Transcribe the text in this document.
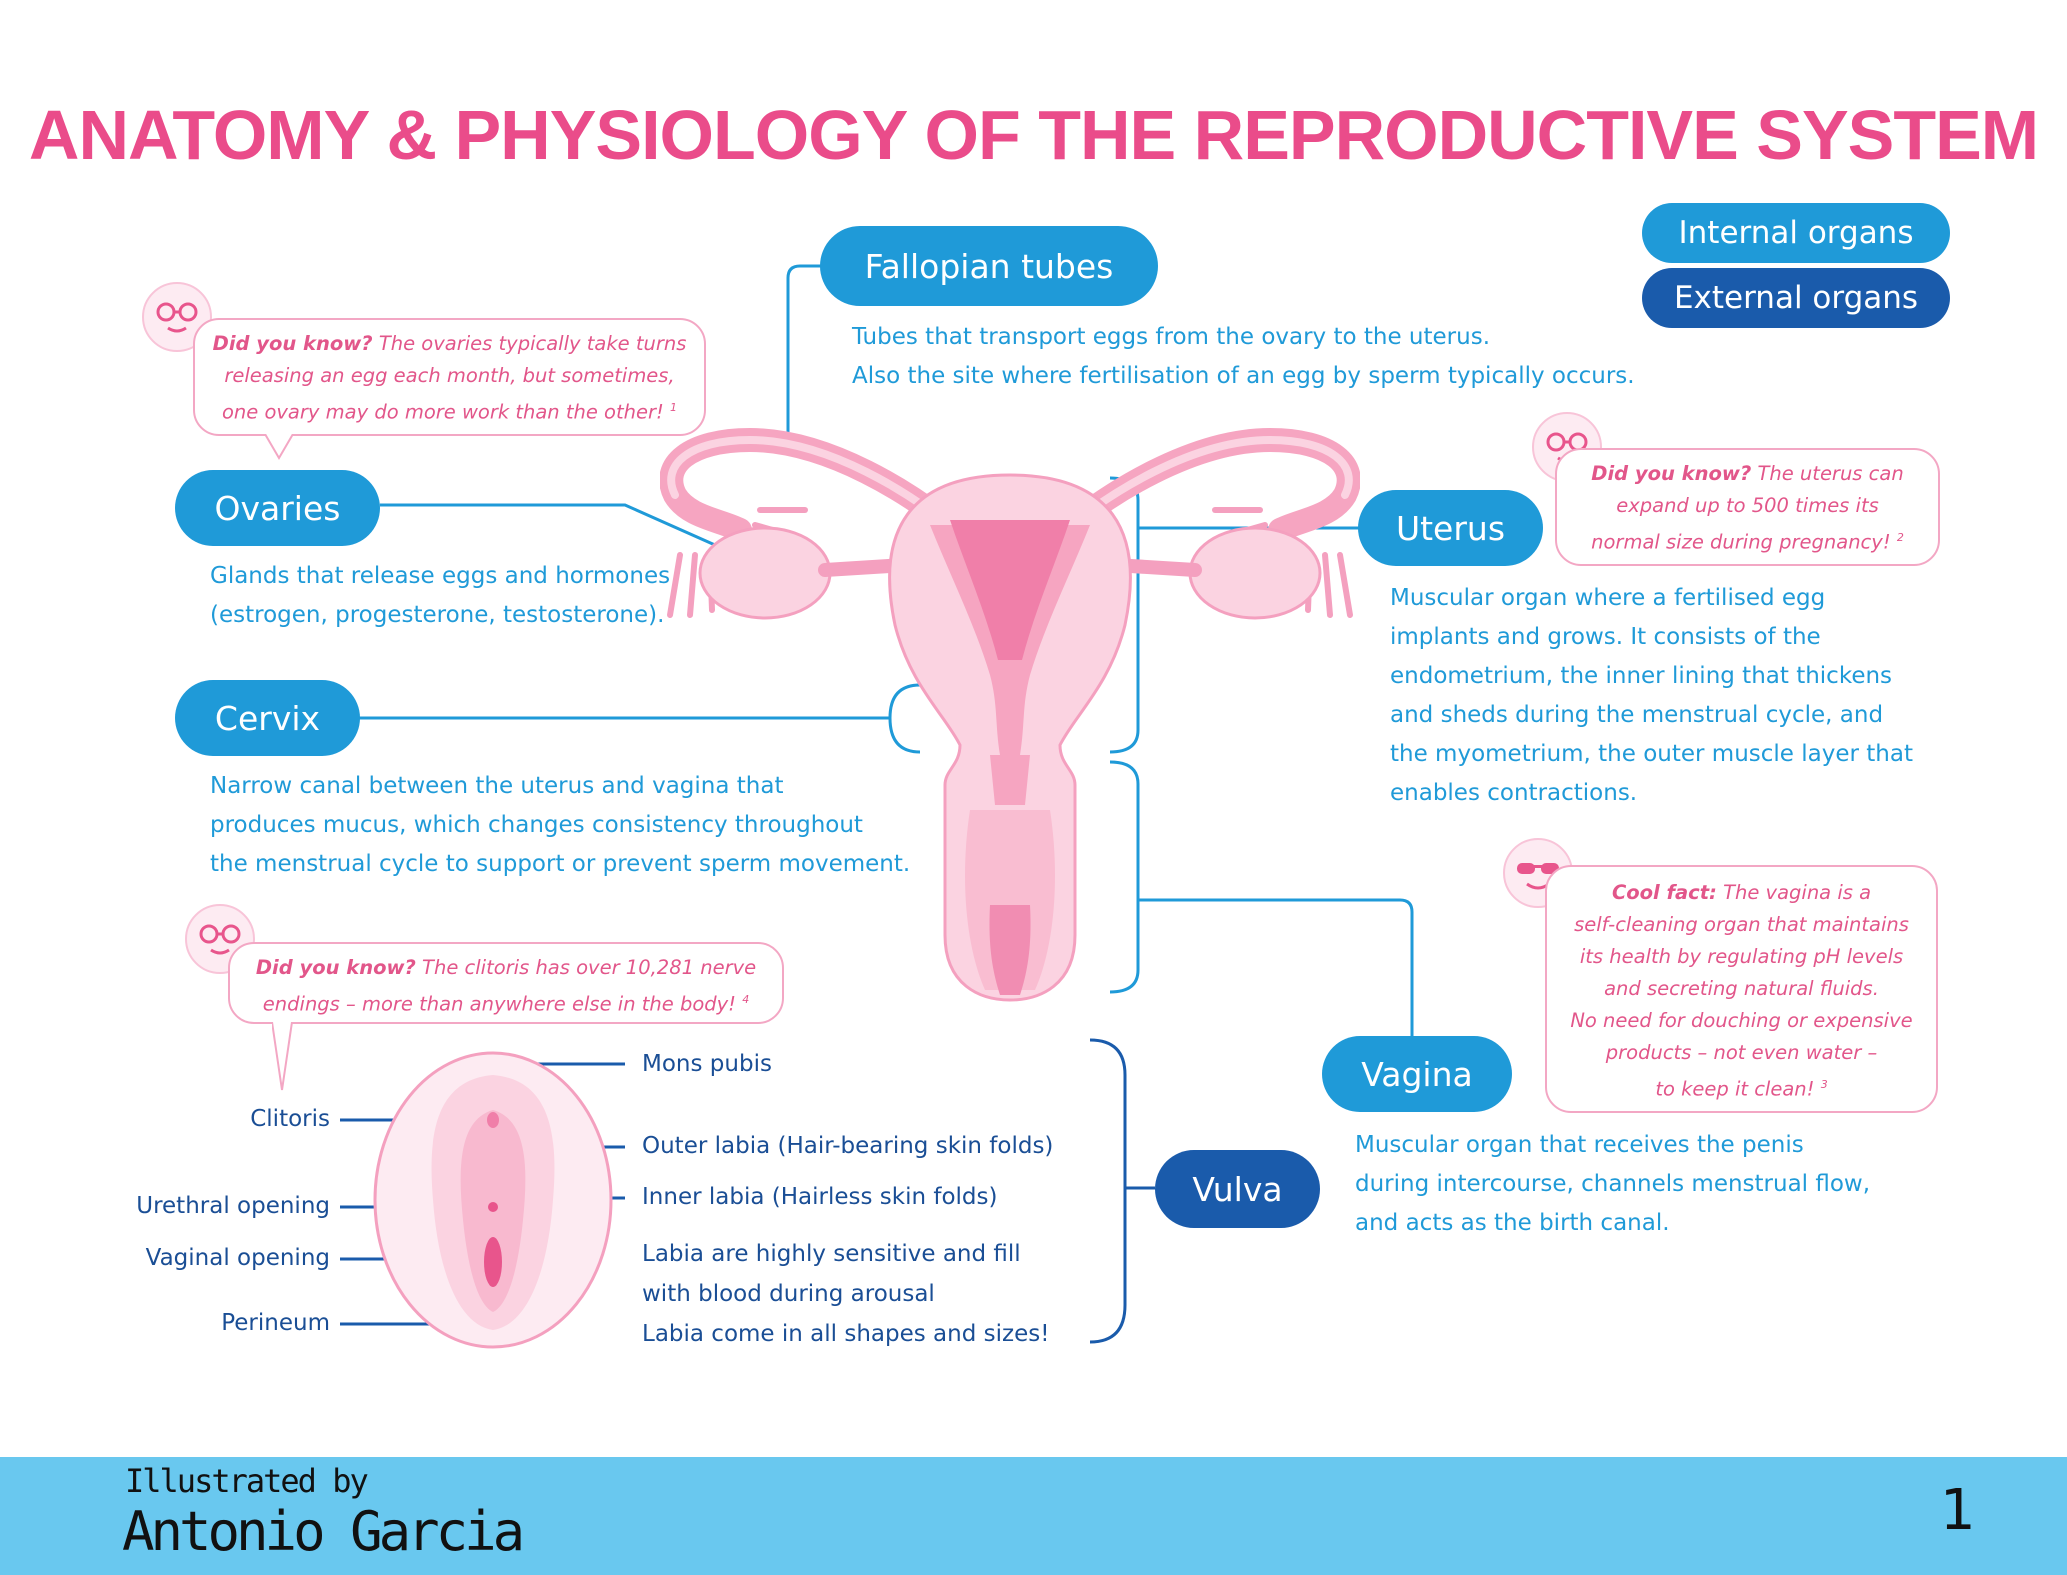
ANATOMY & PHYSIOLOGY OF THE REPRODUCTIVE SYSTEM
Fallopian tubes
Ovaries
Cervix
Uterus
Vagina
Vulva
Internal organs
External organs
Tubes that transport eggs from the ovary to the uterus.
Also the site where fertilisation of an egg by sperm typically occurs.
Glands that release eggs and hormones
(estrogen, progesterone, testosterone).
Narrow canal between the uterus and vagina that
produces mucus, which changes consistency throughout
the menstrual cycle to support or prevent sperm movement.
Muscular organ where a fertilised egg
implants and grows. It consists of the
endometrium, the inner lining that thickens
and sheds during the menstrual cycle, and
the myometrium, the outer muscle layer that
enables contractions.
Muscular organ that receives the penis
during intercourse, channels menstrual flow,
and acts as the birth canal.
Did you know? The ovaries typically take turns
releasing an egg each month, but sometimes,
one ovary may do more work than the other! $^1$
Did you know? The uterus can
expand up to 500 times its
normal size during pregnancy! $^2$
Cool fact: The vagina is a
self-cleaning organ that maintains
its health by regulating pH levels
and secreting natural fluids.
No need for douching or expensive
products – not even water –
to keep it clean! $^3$
Did you know? The clitoris has over 10,281 nerve
endings – more than anywhere else in the body! $^4$
Clitoris
Urethral opening
Vaginal opening
Perineum
Mons pubis
Outer labia (Hair-bearing skin folds)
Inner labia (Hairless skin folds)
Labia are highly sensitive and fill
with blood during arousal
Labia come in all shapes and sizes!
Illustrated by
Antonio Garcia	1
